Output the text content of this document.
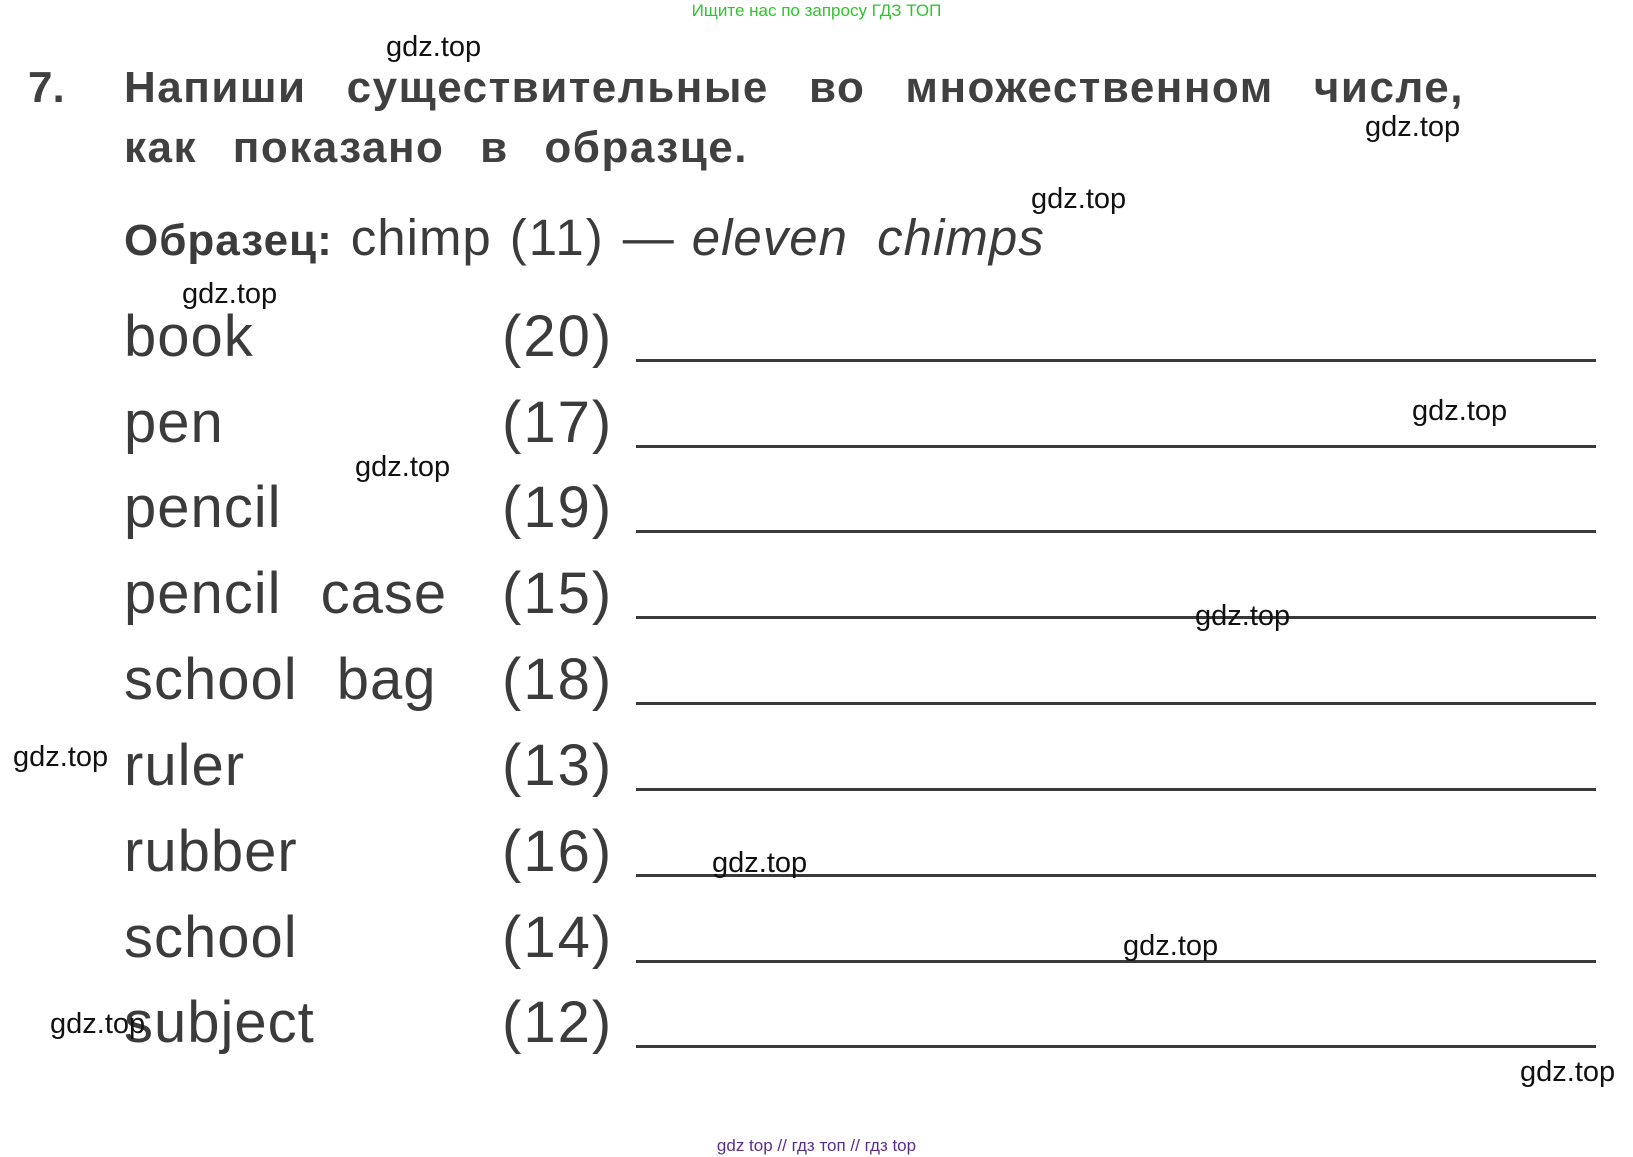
Ищите нас по запросу ГДЗ ТОП
7. Напиши существительные во множественном числе, как показано в образце.
Образец: chimp (11) — eleven chimps
book	(20)
pen	(17)
pencil	(19)
pencil case (15)
school bag (18)
ruler	(13)
rubber	(16)
school	(14)
subject	(12)
gdz.top
gdz.top
gdz.top
gdz.top
gdz.top
gdz.top
gdz.top
gdz.top
gdz.top
gdz.top
gdz.top
gdz.top
gdz top // гдз топ // гдз top
